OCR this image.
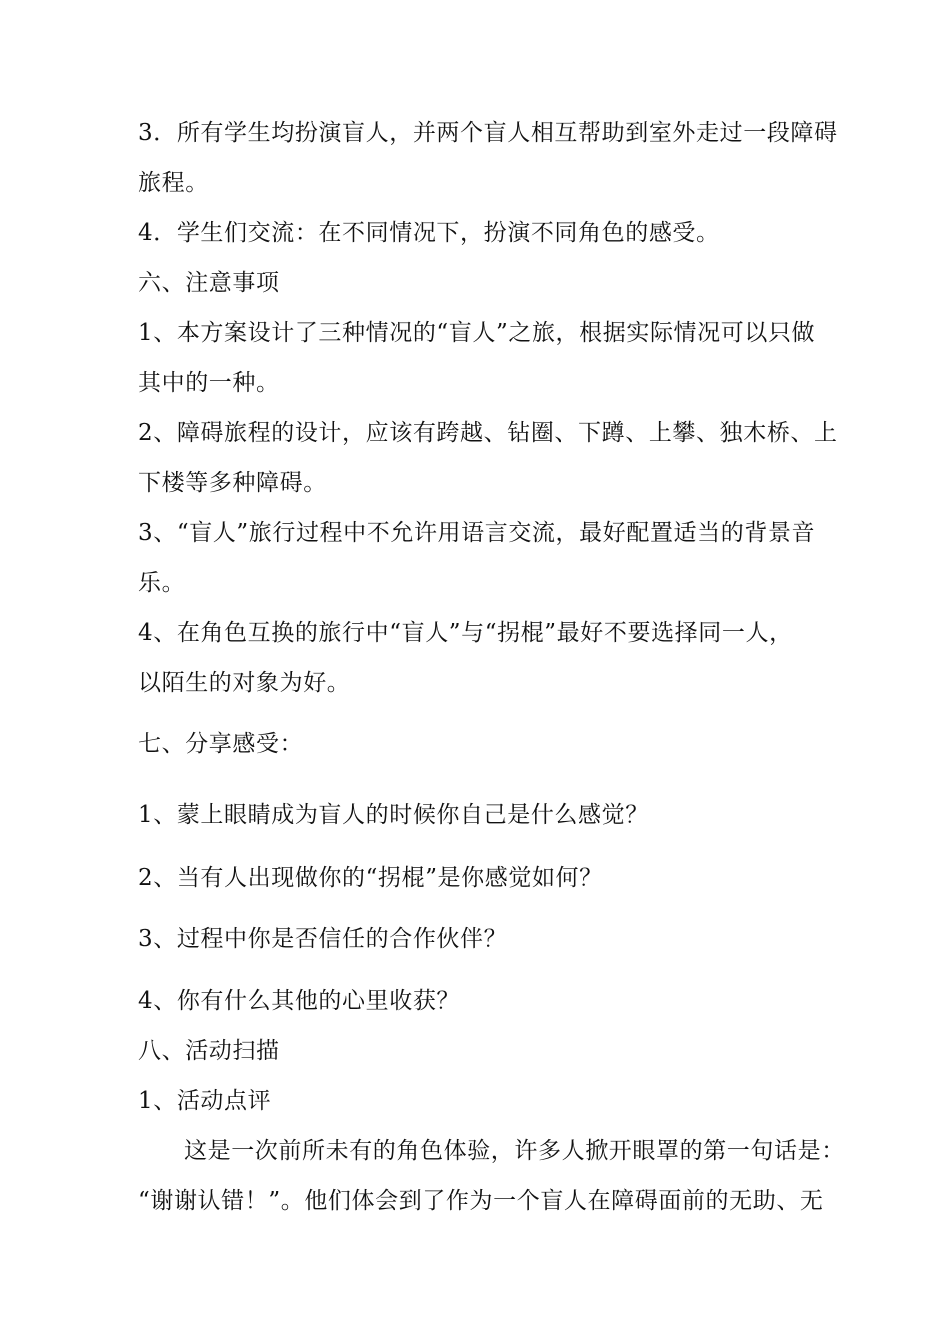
3．所有学生均扮演盲人，并两个盲人相互帮助到室外走过一段障碍
旅程。
4．学生们交流：在不同情况下，扮演不同角色的感受。
六、注意事项
1、本方案设计了三种情况的“盲人”之旅，根据实际情况可以只做
其中的一种。
2、障碍旅程的设计，应该有跨越、钻圈、下蹲、上攀、独木桥、上
下楼等多种障碍。
3、“盲人”旅行过程中不允许用语言交流，最好配置适当的背景音
乐。
4、在角色互换的旅行中“盲人”与“拐棍”最好不要选择同一人，
以陌生的对象为好。
七、分享感受：
1、蒙上眼睛成为盲人的时候你自己是什么感觉？
2、当有人出现做你的“拐棍”是你感觉如何？
3、过程中你是否信任的合作伙伴？
4、你有什么其他的心里收获？
八、活动扫描
1、活动点评
这是一次前所未有的角色体验，许多人掀开眼罩的第一句话是：
“谢谢认错！”。他们体会到了作为一个盲人在障碍面前的无助、无
